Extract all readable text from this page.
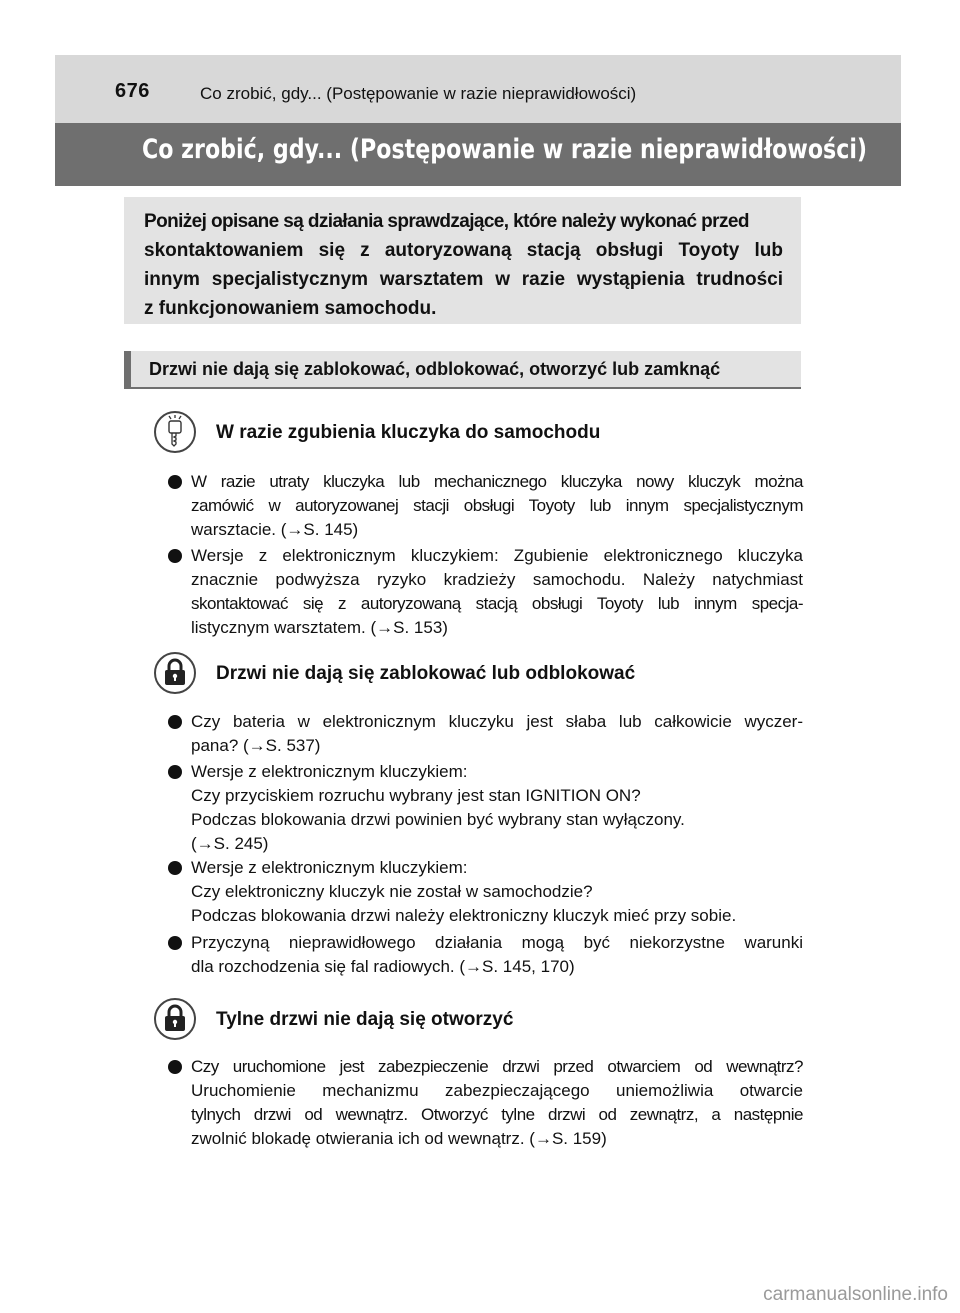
676	Co zrobić, gdy... (Postępowanie w razie nieprawidłowości)
Co zrobić, gdy... (Postępowanie w razie nieprawidłowości)

Poniżej opisane są działania sprawdzające, które należy wykonać przed

skontaktowaniem się z autoryzowaną stacją obsługi Toyoty lub

innym specjalistycznym warsztatem w razie wystąpienia trudności

z funkcjonowaniem samochodu.

Drzwi nie dają się zablokować, odblokować, otworzyć lub zamknąć
W razie zgubienia kluczyka do samochodu
W razie utraty kluczyka lub mechanicznego kluczyka nowy kluczyk można
zamówić w autoryzowanej stacji obsługi Toyoty lub innym specjalistycznym
warsztacie. (→S. 145)
Wersje z elektronicznym kluczykiem: Zgubienie elektronicznego kluczyka
znacznie podwyższa ryzyko kradzieży samochodu. Należy natychmiast
skontaktować się z autoryzowaną stacją obsługi Toyoty lub innym specja-
listycznym warsztatem. (→S. 153)
Drzwi nie dają się zablokować lub odblokować
Czy bateria w elektronicznym kluczyku jest słaba lub całkowicie wyczer-
pana? (→S. 537)
Wersje z elektronicznym kluczykiem:
Czy przyciskiem rozruchu wybrany jest stan IGNITION ON?
Podczas blokowania drzwi powinien być wybrany stan wyłączony.
(→S. 245)
Wersje z elektronicznym kluczykiem:
Czy elektroniczny kluczyk nie został w samochodzie?
Podczas blokowania drzwi należy elektroniczny kluczyk mieć przy sobie.
Przyczyną nieprawidłowego działania mogą być niekorzystne warunki
dla rozchodzenia się fal radiowych. (→S. 145, 170)
Tylne drzwi nie dają się otworzyć
Czy uruchomione jest zabezpieczenie drzwi przed otwarciem od wewnątrz?
Uruchomienie mechanizmu zabezpieczającego uniemożliwia otwarcie
tylnych drzwi od wewnątrz. Otworzyć tylne drzwi od zewnątrz, a następnie
zwolnić blokadę otwierania ich od wewnątrz. (→S. 159)
carmanualsonline.info
